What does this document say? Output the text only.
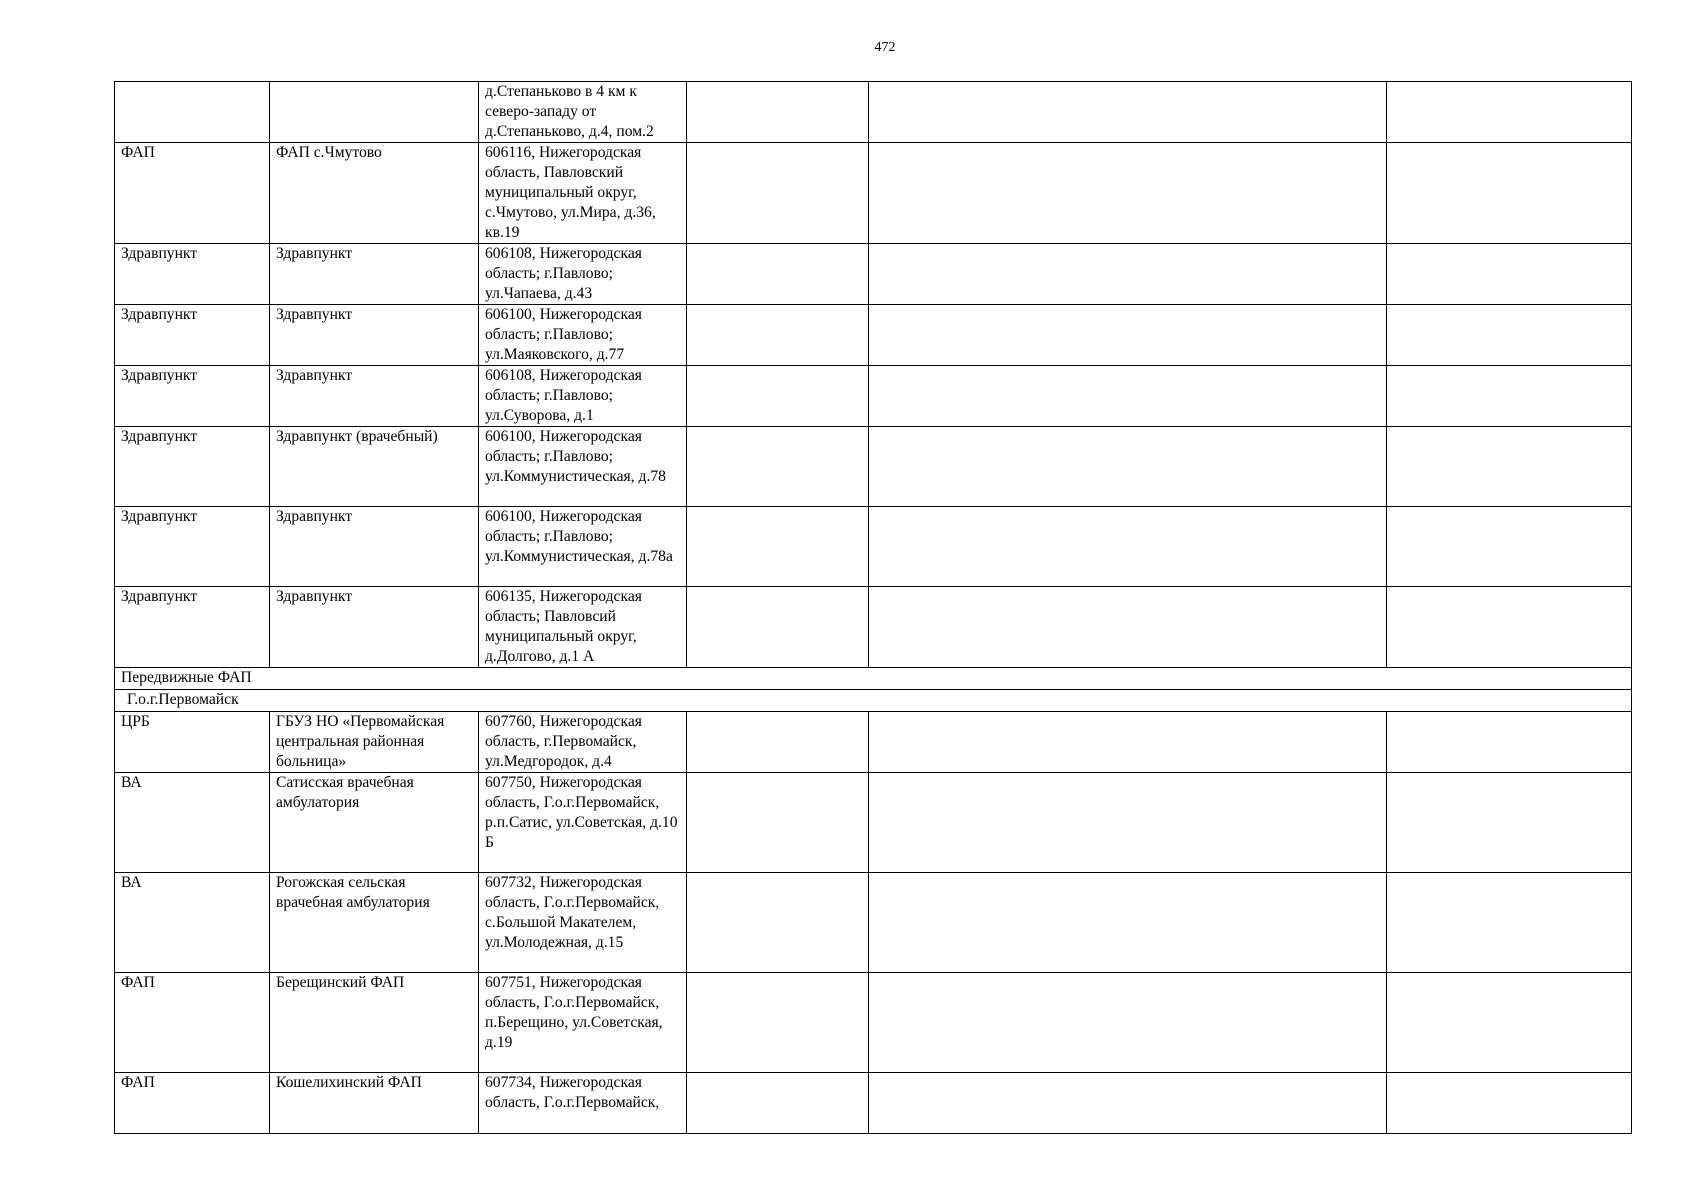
472
		д.Степаньково в 4 км к северо-западу от д.Степаньково, д.4, пом.2			
ФАП	ФАП с.Чмутово	606116, Нижегородская область, Павловский муниципальный округ, с.Чмутово, ул.Мира, д.36, кв.19			
Здравпункт	Здравпункт	606108, Нижегородская область; г.Павлово; ул.Чапаева, д.43			
Здравпункт	Здравпункт	606100, Нижегородская область; г.Павлово; ул.Маяковского, д.77			
Здравпункт	Здравпункт	606108, Нижегородская область; г.Павлово; ул.Суворова, д.1			
Здравпункт	Здравпункт (врачебный)	606100, Нижегородская область; г.Павлово; ул.Коммунистическая, д.78			
Здравпункт	Здравпункт	606100, Нижегородская область; г.Павлово; ул.Коммунистическая, д.78а			
Здравпункт	Здравпункт	606135, Нижегородская область; Павловсий муниципальный округ, д.Долгово, д.1 А			
Передвижные ФАП					
Г.о.г.Первомайск					
ЦРБ	ГБУЗ НО «Первомайская центральная районная больница»	607760, Нижегородская область, г.Первомайск, ул.Медгородок, д.4			
ВА	Сатисская врачебная амбулатория	607750, Нижегородская область, Г.о.г.Первомайск, р.п.Сатис, ул.Советская, д.10 Б			
ВА	Рогожская сельская врачебная амбулатория	607732, Нижегородская область, Г.о.г.Первомайск, с.Большой Макателем, ул.Молодежная, д.15			
ФАП	Берещинский ФАП	607751, Нижегородская область, Г.о.г.Первомайск, п.Берещино, ул.Советская, д.19			
ФАП	Кошелихинский ФАП	607734, Нижегородская область, Г.о.г.Первомайск,			
